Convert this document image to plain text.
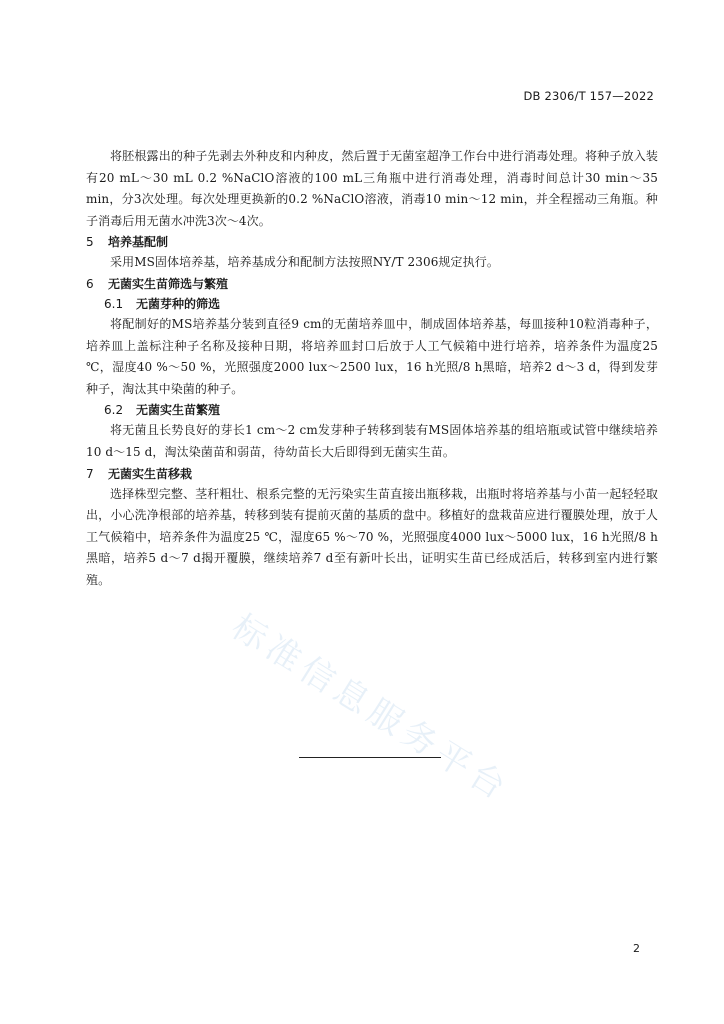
DB 2306/T 157—2022

将胚根露出的种子先剥去外种皮和内种皮，然后置于无菌室超净工作台中进行消毒处理。将种子放入装有20 mL～30 mL 0.2 %NaClO溶液的100 mL三角瓶中进行消毒处理，消毒时间总计30 min～35 min，分3次处理。每次处理更换新的0.2 %NaClO溶液，消毒10 min～12 min，并全程摇动三角瓶。种子消毒后用无菌水冲洗3次～4次。

5 培养基配制

采用MS固体培养基，培养基成分和配制方法按照NY/T 2306规定执行。

6 无菌实生苗筛选与繁殖
6.1 无菌芽种的筛选

将配制好的MS培养基分装到直径9 cm的无菌培养皿中，制成固体培养基，每皿接种10粒消毒种子，培养皿上盖标注种子名称及接种日期，将培养皿封口后放于人工气候箱中进行培养，培养条件为温度25 ℃，湿度40 %～50 %，光照强度2000 lux～2500 lux，16 h光照/8 h黑暗，培养2 d～3 d，得到发芽种子，淘汰其中染菌的种子。

6.2 无菌实生苗繁殖

将无菌且长势良好的芽长1 cm～2 cm发芽种子转移到装有MS固体培养基的组培瓶或试管中继续培养10 d～15 d，淘汰染菌苗和弱苗，待幼苗长大后即得到无菌实生苗。

7 无菌实生苗移栽

选择株型完整、茎秆粗壮、根系完整的无污染实生苗直接出瓶移栽，出瓶时将培养基与小苗一起轻轻取出，小心洗净根部的培养基，转移到装有提前灭菌的基质的盘中。移植好的盘栽苗应进行覆膜处理，放于人工气候箱中，培养条件为温度25 ℃，湿度65 %～70 %，光照强度4000 lux～5000 lux，16 h光照/8 h黑暗，培养5 d～7 d揭开覆膜，继续培养7 d至有新叶长出，证明实生苗已经成活后，转移到室内进行繁殖。

标准信息服务平台
2
